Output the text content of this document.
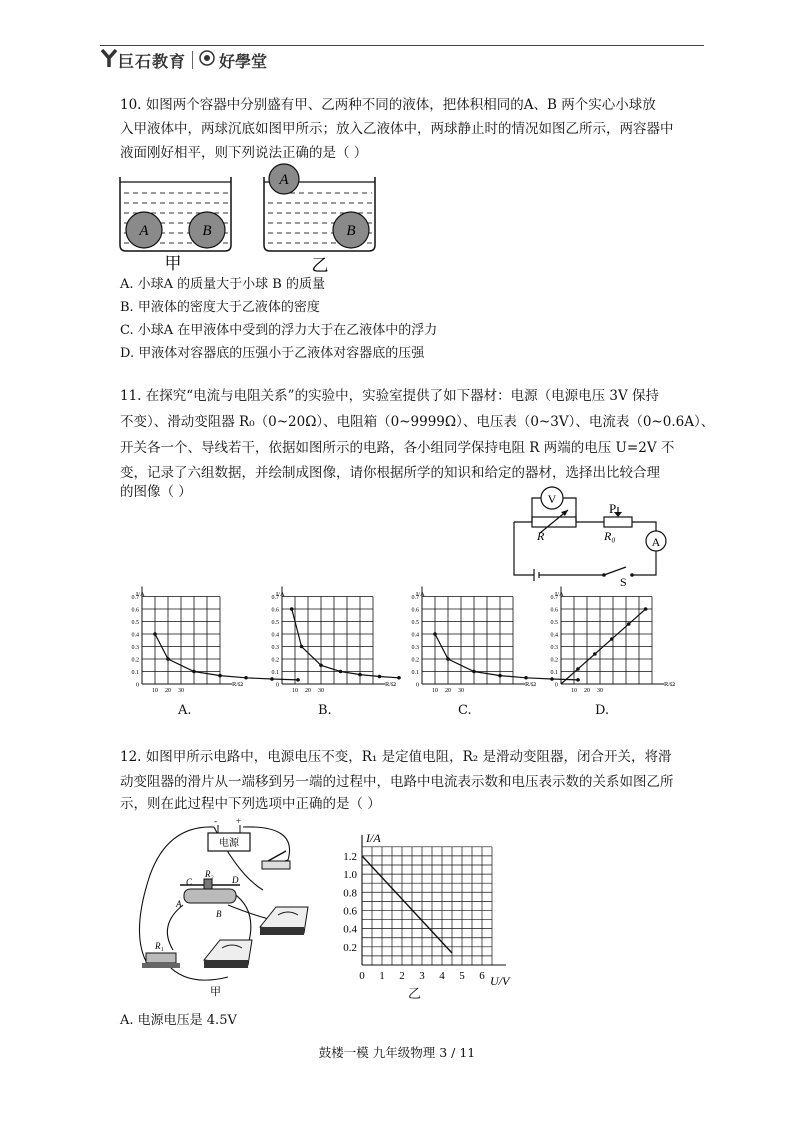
巨石教育 好學堂
10. 如图两个容器中分别盛有甲、乙两种不同的液体，把体积相同的A、B 两个实心小球放
入甲液体中，两球沉底如图甲所示；放入乙液体中，两球静止时的情况如图乙所示，两容器中
液面刚好相平，则下列说法正确的是（ ）
A	B
A
B
甲	乙
A. 小球A 的质量大于小球 B 的质量
B. 甲液体的密度大于乙液体的密度
C. 小球A 在甲液体中受到的浮力大于在乙液体中的浮力
D. 甲液体对容器底的压强小于乙液体对容器底的压强
11. 在探究“电流与电阻关系”的实验中，实验室提供了如下器材：电源（电源电压 3V 保持
不变）、滑动变阻器 R₀（0~20Ω）、电阻箱（0~9999Ω）、电压表（0~3V）、电流表（0~0.6A）、
开关各一个、导线若干，依据如图所示的电路，各小组同学保持电阻 R 两端的电压 U=2V 不
变，记录了六组数据，并绘制成图像，请你根据所学的知识和给定的器材，选择出比较合理
的图像（ ）	V
A
P
R	R₀
S
I/A
R/Ω
0.7
0.6
0.5
0.4
0.3
0.2
0.1
0
10 20 30
I/A
R/Ω
0.7
0.6
0.5
0.4
0.3
0.2
0.1
0
10 20 30
I/A
R/Ω
0.7
0.6
0.5
0.4
0.3
0.2
0.1
0
10 20 30
I/A
R/Ω
0.7
0.6
0.5
0.4
0.3
0.2
0.1
0
10 20 30
A.	B.	C.	D.
12. 如图甲所示电路中，电源电压不变，R₁ 是定值电阻，R₂ 是滑动变阻器，闭合开关，将滑
动变阻器的滑片从一端移到另一端的过程中，电路中电流表示数和电压表示数的关系如图乙所
示，则在此过程中下列选项中正确的是（ ）
电源
- +
C
R₂
D
A
B
R₁
甲
I/A
U/V
1.2
1.0
0.8
0.6
0.4
0.2
0 1 2 3 4 5 6
乙
A. 电源电压是 4.5V
鼓楼一模 九年级物理 3 / 11
